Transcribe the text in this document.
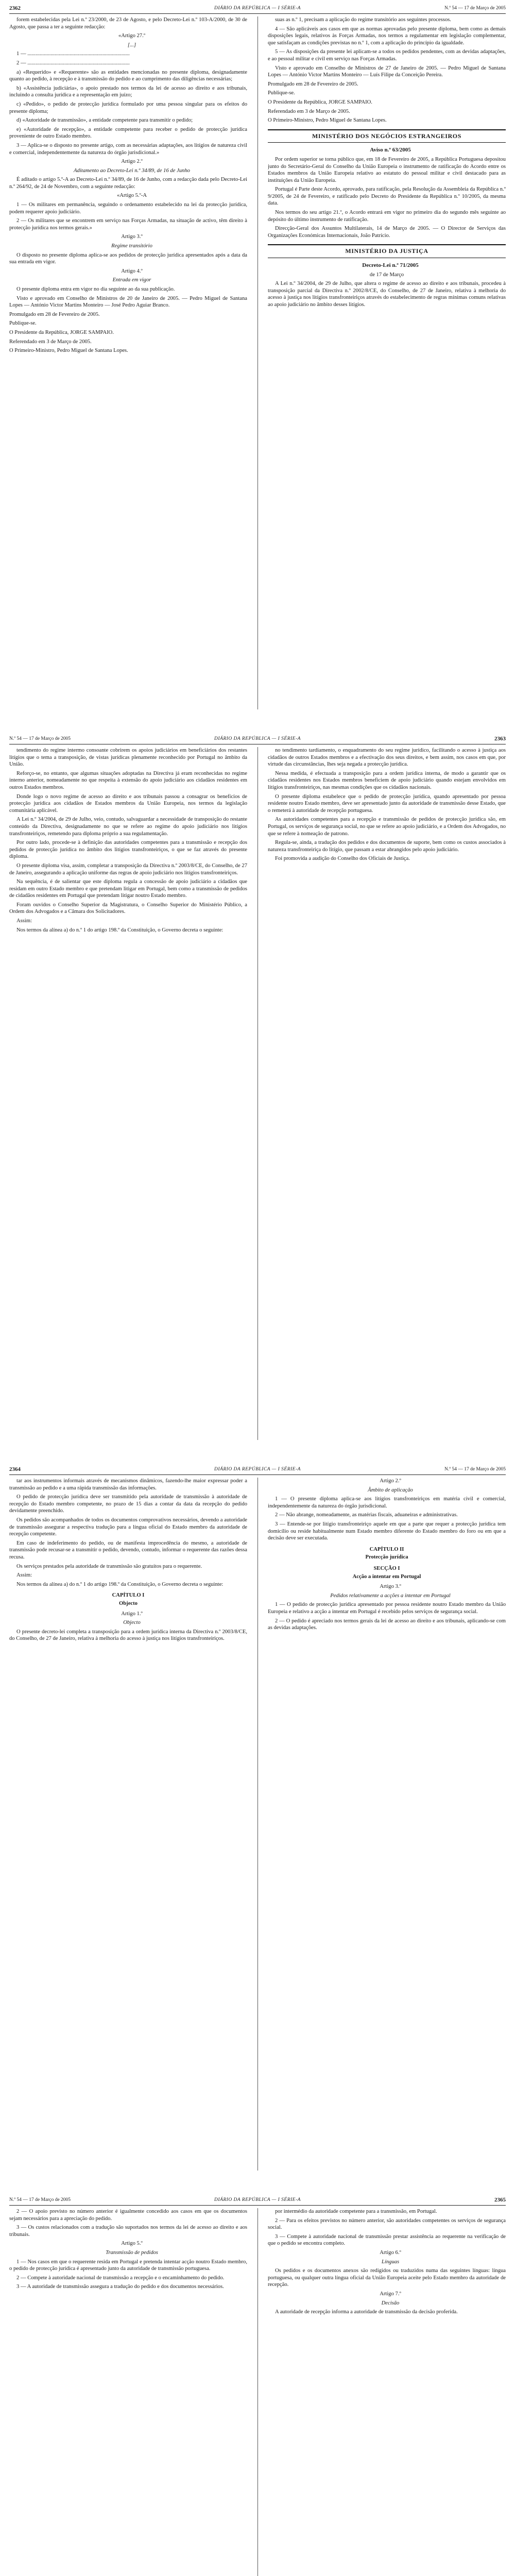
2362	DIÁRIO DA REPÚBLICA — I SÉRIE-A	N.º 54 — 17 de Março de 2005

forem estabelecidas pela Lei n.º 23/2000, de 23 de Agosto, e pelo Decreto-Lei n.º 103-A/2000, de 30 de Agosto, que passa a ter a seguinte redacção:

«Artigo 27.º

[...]

1 — ...........................................................................

2 — ...........................................................................

a) «Requerido» e «Requerente» são as entidades mencionadas no presente diploma, designadamente quanto ao pedido, à recepção e à transmissão do pedido e ao cumprimento das diligências necessárias;

b) «Assistência judiciária», o apoio prestado nos termos da lei de acesso ao direito e aos tribunais, incluindo a consulta jurídica e a representação em juízo;

c) «Pedido», o pedido de protecção jurídica formulado por uma pessoa singular para os efeitos do presente diploma;

d) «Autoridade de transmissão», a entidade competente para transmitir o pedido;

e) «Autoridade de recepção», a entidade competente para receber o pedido de protecção jurídica proveniente de outro Estado membro.

3 — Aplica-se o disposto no presente artigo, com as necessárias adaptações, aos litígios de natureza civil e comercial, independentemente da natureza do órgão jurisdicional.»

Artigo 2.º

Aditamento ao Decreto-Lei n.º 34/89, de 16 de Junho

É aditado o artigo 5.º-A ao Decreto-Lei n.º 34/89, de 16 de Junho, com a redacção dada pelo Decreto-Lei n.º 264/92, de 24 de Novembro, com a seguinte redacção:

«Artigo 5.º-A

1 — Os militares em permanência, seguindo o ordenamento estabelecido na lei da protecção jurídica, podem requerer apoio judiciário.

2 — Os militares que se encontrem em serviço nas Forças Armadas, na situação de activo, têm direito à protecção jurídica nos termos gerais.»

Artigo 3.º

Regime transitório

O disposto no presente diploma aplica-se aos pedidos de protecção jurídica apresentados após a data da sua entrada em vigor.

Artigo 4.º

Entrada em vigor

O presente diploma entra em vigor no dia seguinte ao da sua publicação.

Visto e aprovado em Conselho de Ministros de 20 de Janeiro de 2005. — Pedro Miguel de Santana Lopes — António Victor Martins Monteiro — José Pedro Aguiar Branco.

Promulgado em 28 de Fevereiro de 2005.

Publique-se.

O Presidente da República, JORGE SAMPAIO.

Referendado em 3 de Março de 2005.

O Primeiro-Ministro, Pedro Miguel de Santana Lopes.

suas as n.º 1, precisam a aplicação do regime transitório aos seguintes processos.

4 — São aplicáveis aos casos em que as normas aprovadas pelo presente diploma, bem como as demais disposições legais, relativos às Forças Armadas, nos termos a regulamentar em legislação complementar, que satisfaçam as condições previstas no n.º 1, com a aplicação do princípio da igualdade.

5 — As disposições da presente lei aplicam-se a todos os pedidos pendentes, com as devidas adaptações, e ao pessoal militar e civil em serviço nas Forças Armadas.

Visto e aprovado em Conselho de Ministros de 27 de Janeiro de 2005. — Pedro Miguel de Santana Lopes — António Victor Martins Monteiro — Luís Filipe da Conceição Pereira.

Promulgado em 28 de Fevereiro de 2005.

Publique-se.

O Presidente da República, JORGE SAMPAIO.

Referendado em 3 de Março de 2005.

O Primeiro-Ministro, Pedro Miguel de Santana Lopes.

MINISTÉRIO DOS NEGÓCIOS ESTRANGEIROS

Aviso n.º 63/2005

Por ordem superior se torna público que, em 18 de Fevereiro de 2005, a República Portuguesa depositou junto do Secretário-Geral do Conselho da União Europeia o instrumento de ratificação do Acordo entre os Estados membros da União Europeia relativo ao estatuto do pessoal militar e civil destacado para as instituições da União Europeia.

Portugal é Parte deste Acordo, aprovado, para ratificação, pela Resolução da Assembleia da República n.º 9/2005, de 24 de Fevereiro, e ratificado pelo Decreto do Presidente da República n.º 10/2005, da mesma data.

Nos termos do seu artigo 21.º, o Acordo entrará em vigor no primeiro dia do segundo mês seguinte ao depósito do último instrumento de ratificação.

Direcção-Geral dos Assuntos Multilaterais, 14 de Março de 2005. — O Director de Serviços das Organizações Económicas Internacionais, João Patrício.

MINISTÉRIO DA JUSTIÇA

Decreto-Lei n.º 71/2005

de 17 de Março

A Lei n.º 34/2004, de 29 de Julho, que altera o regime de acesso ao direito e aos tribunais, procedeu à transposição parcial da Directiva n.º 2002/8/CE, do Conselho, de 27 de Janeiro, relativa à melhoria do acesso à justiça nos litígios transfronteiriços através do estabelecimento de regras mínimas comuns relativas ao apoio judiciário no âmbito desses litígios.

N.º 54 — 17 de Março de 2005	DIÁRIO DA REPÚBLICA — I SÉRIE-A	2363

tendimento do regime intermo consoante cobrirem os apoios judiciários em beneficiários dos restantes litígios que o tema a transposição, de vistas jurídicas plenamente reconhecido por Portugal no âmbito da União.

Reforço-se, no entanto, que algumas situações adoptadas na Directiva já eram reconhecidas no regime interno anterior, nomeadamente no que respeita à extensão do apoio judiciário aos cidadãos residentes em outros Estados membros.

Donde logo o novo regime de acesso ao direito e aos tribunais passou a consagrar os benefícios de protecção jurídica aos cidadãos de Estados membros da União Europeia, nos termos da legislação comunitária aplicável.

A Lei n.º 34/2004, de 29 de Julho, veio, contudo, salvaguardar a necessidade de transposição do restante conteúdo da Directiva, designadamente no que se refere ao regime do apoio judiciário nos litígios transfronteiriços, remetendo para diploma próprio a sua regulamentação.

Por outro lado, procede-se à definição das autoridades competentes para a transmissão e recepção dos pedidos de protecção jurídica no âmbito dos litígios transfronteiriços, o que se faz através do presente diploma.

O presente diploma visa, assim, completar a transposição da Directiva n.º 2003/8/CE, do Conselho, de 27 de Janeiro, assegurando a aplicação uniforme das regras de apoio judiciário nos litígios transfronteiriços.

Na sequência, é de salientar que este diploma regula a concessão de apoio judiciário a cidadãos que residam em outro Estado membro e que pretendam litigar em Portugal, bem como a transmissão de pedidos de cidadãos residentes em Portugal que pretendam litigar noutro Estado membro.

Foram ouvidos o Conselho Superior da Magistratura, o Conselho Superior do Ministério Público, a Ordem dos Advogados e a Câmara dos Solicitadores.

Assim:

Nos termos da alínea a) do n.º 1 do artigo 198.º da Constituição, o Governo decreta o seguinte:

no tendimento tardiamento, o enquadramento do seu regime jurídico, facilitando o acesso à justiça aos cidadãos de outros Estados membros e a efectivação dos seus direitos, e bem assim, nos casos em que, por virtude das circunstâncias, lhes seja negada a protecção jurídica.

Nessa medida, é efectuada a transposição para a ordem jurídica interna, de modo a garantir que os cidadãos residentes nos Estados membros beneficiem de apoio judiciário quando estejam envolvidos em litígios transfronteiriços, nas mesmas condições que os cidadãos nacionais.

O presente diploma estabelece que o pedido de protecção jurídica, quando apresentado por pessoa residente noutro Estado membro, deve ser apresentado junto da autoridade de transmissão desse Estado, que o remeterá à autoridade de recepção portuguesa.

As autoridades competentes para a recepção e transmissão de pedidos de protecção jurídica são, em Portugal, os serviços de segurança social, no que se refere ao apoio judiciário, e a Ordem dos Advogados, no que se refere à nomeação de patrono.

Regula-se, ainda, a tradução dos pedidos e dos documentos de suporte, bem como os custos associados à natureza transfronteiriça do litígio, que passam a estar abrangidos pelo apoio judiciário.

Foi promovida a audição do Conselho dos Oficiais de Justiça.

2364	DIÁRIO DA REPÚBLICA — I SÉRIE-A	N.º 54 — 17 de Março de 2005

tar aos instrumentos informais através de mecanismos dinâmicos, fazendo-lhe maior expressar poder a transmissão ao pedido e a uma rápida transmissão das informações.

O pedido de protecção jurídica deve ser transmitido pela autoridade de transmissão à autoridade de recepção do Estado membro competente, no prazo de 15 dias a contar da data da recepção do pedido devidamente preenchido.

Os pedidos são acompanhados de todos os documentos comprovativos necessários, devendo a autoridade de transmissão assegurar a respectiva tradução para a língua oficial do Estado membro da autoridade de recepção competente.

Em caso de indeferimento do pedido, ou de manifesta improcedência do mesmo, a autoridade de transmissão pode recusar-se a transmitir o pedido, devendo, contudo, informar o requerente das razões dessa recusa.

Os serviços prestados pela autoridade de transmissão são gratuitos para o requerente.

Assim:

Nos termos da alínea a) do n.º 1 do artigo 198.º da Constituição, o Governo decreta o seguinte:

CAPÍTULO I
Objecto

Artigo 1.º

Objecto

O presente decreto-lei completa a transposição para a ordem jurídica interna da Directiva n.º 2003/8/CE, do Conselho, de 27 de Janeiro, relativa à melhoria do acesso à justiça nos litígios transfronteiriços.

Artigo 2.º

Âmbito de aplicação

1 — O presente diploma aplica-se aos litígios transfronteiriços em matéria civil e comercial, independentemente da natureza do órgão jurisdicional.

2 — Não abrange, nomeadamente, as matérias fiscais, aduaneiras e administrativas.

3 — Entende-se por litígio transfronteiriço aquele em que a parte que requer a protecção jurídica tem domicílio ou reside habitualmente num Estado membro diferente do Estado membro do foro ou em que a decisão deve ser executada.

CAPÍTULO II
Protecção jurídica
SECÇÃO I
Acção a intentar em Portugal

Artigo 3.º

Pedidos relativamente a acções a intentar em Portugal

1 — O pedido de protecção jurídica apresentado por pessoa residente noutro Estado membro da União Europeia e relativo a acção a intentar em Portugal é recebido pelos serviços de segurança social.

2 — O pedido é apreciado nos termos gerais da lei de acesso ao direito e aos tribunais, aplicando-se com as devidas adaptações.

N.º 54 — 17 de Março de 2005	DIÁRIO DA REPÚBLICA — I SÉRIE-A	2365

2 — O apoio previsto no número anterior é igualmente concedido aos casos em que os documentos sejam necessários para a apreciação do pedido.

3 — Os custos relacionados com a tradução são suportados nos termos da lei de acesso ao direito e aos tribunais.

Artigo 5.º

Transmissão de pedidos

1 — Nos casos em que o requerente resida em Portugal e pretenda intentar acção noutro Estado membro, o pedido de protecção jurídica é apresentado junto da autoridade de transmissão portuguesa.

2 — Compete à autoridade nacional de transmissão a recepção e o encaminhamento do pedido.

3 — A autoridade de transmissão assegura a tradução do pedido e dos documentos necessários.

por intermédio da autoridade competente para a transmissão, em Portugal.

2 — Para os efeitos previstos no número anterior, são autoridades competentes os serviços de segurança social.

3 — Compete à autoridade nacional de transmissão prestar assistência ao requerente na verificação de que o pedido se encontra completo.

Artigo 6.º

Línguas

Os pedidos e os documentos anexos são redigidos ou traduzidos numa das seguintes línguas: língua portuguesa, ou qualquer outra língua oficial da União Europeia aceite pelo Estado membro da autoridade de recepção.

Artigo 7.º

Decisão

A autoridade de recepção informa a autoridade de transmissão da decisão proferida.
